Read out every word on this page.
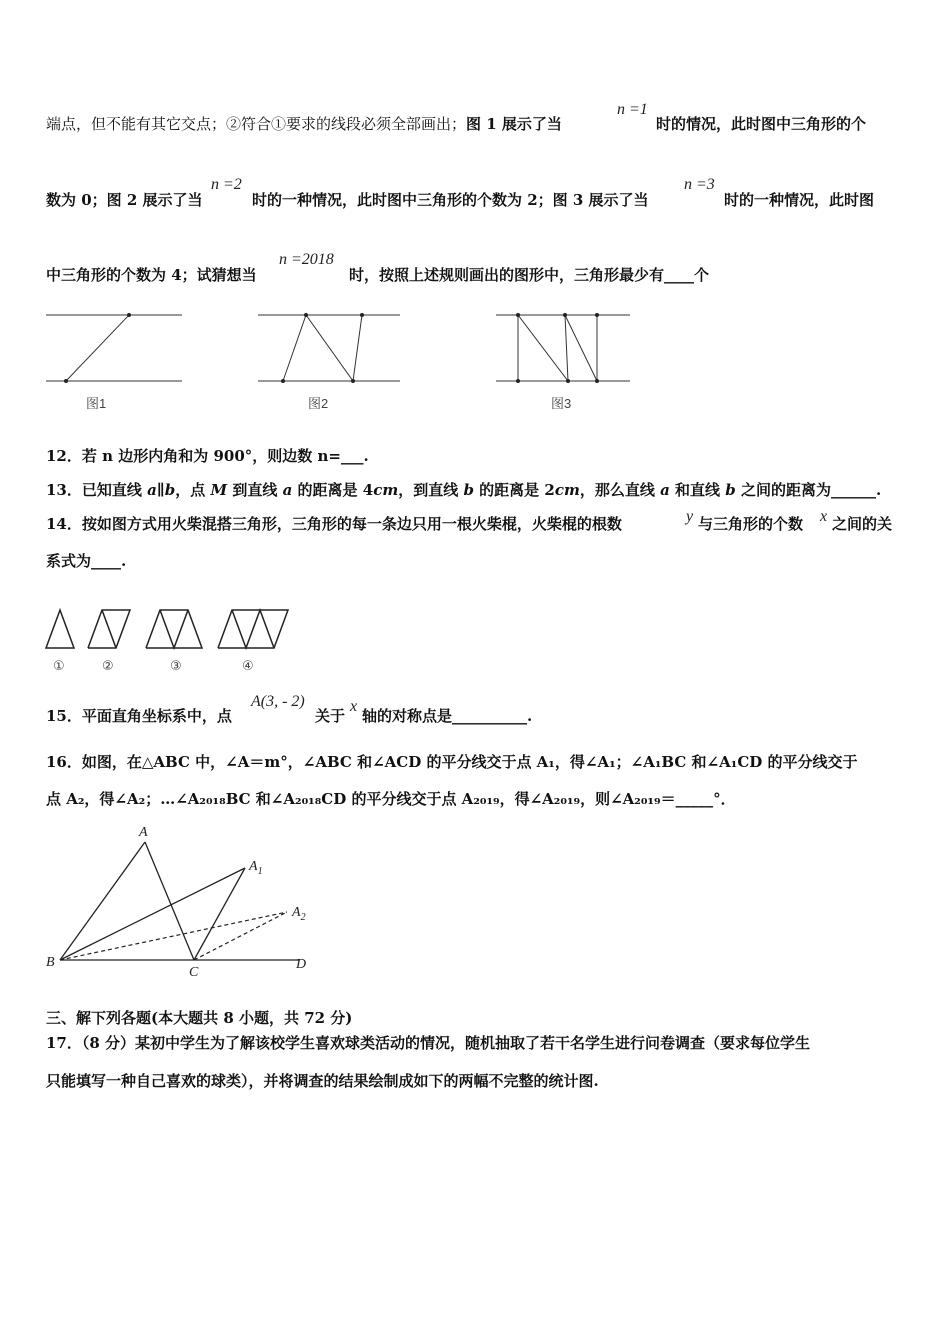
端点，但不能有其它交点；②符合①要求的线段必须全部画出；图 1 展示了当
n =1
时的情况，此时图中三角形的个
数为 0；图 2 展示了当
n =2
时的一种情况，此时图中三角形的个数为 2；图 3 展示了当
n =3
时的一种情况，此时图
中三角形的个数为 4；试猜想当
n =2018
时，按照上述规则画出的图形中，三角形最少有____个
图1	图2	图3
12．若 n 边形内角和为 900°，则边数 n=___.
13．已知直线 a∥b，点 M 到直线 a 的距离是 4cm，到直线 b 的距离是 2cm，那么直线 a 和直线 b 之间的距离为______.
14．按如图方式用火柴混搭三角形，三角形的每一条边只用一根火柴棍，火柴棍的根数	y 与三角形的个数 x 之间的关
系式为____.
①	②	③	④
15．平面直角坐标系中，点
A(3, - 2)
关于
x
轴的对称点是__________.
16．如图，在△ABC 中，∠A＝m°，∠ABC 和∠ACD 的平分线交于点 A₁，得∠A₁；∠A₁BC 和∠A₁CD 的平分线交于
点 A₂，得∠A₂；…∠A₂₀₁₈BC 和∠A₂₀₁₈CD 的平分线交于点 A₂₀₁₉，得∠A₂₀₁₉，则∠A₂₀₁₉＝_____°．
A
$A_1$
$A_2$
B
C
D
三、解下列各题(本大题共 8 小题，共 72 分)
17．（8 分）某初中学生为了解该校学生喜欢球类活动的情况，随机抽取了若干名学生进行问卷调查（要求每位学生
只能填写一种自己喜欢的球类），并将调查的结果绘制成如下的两幅不完整的统计图.
